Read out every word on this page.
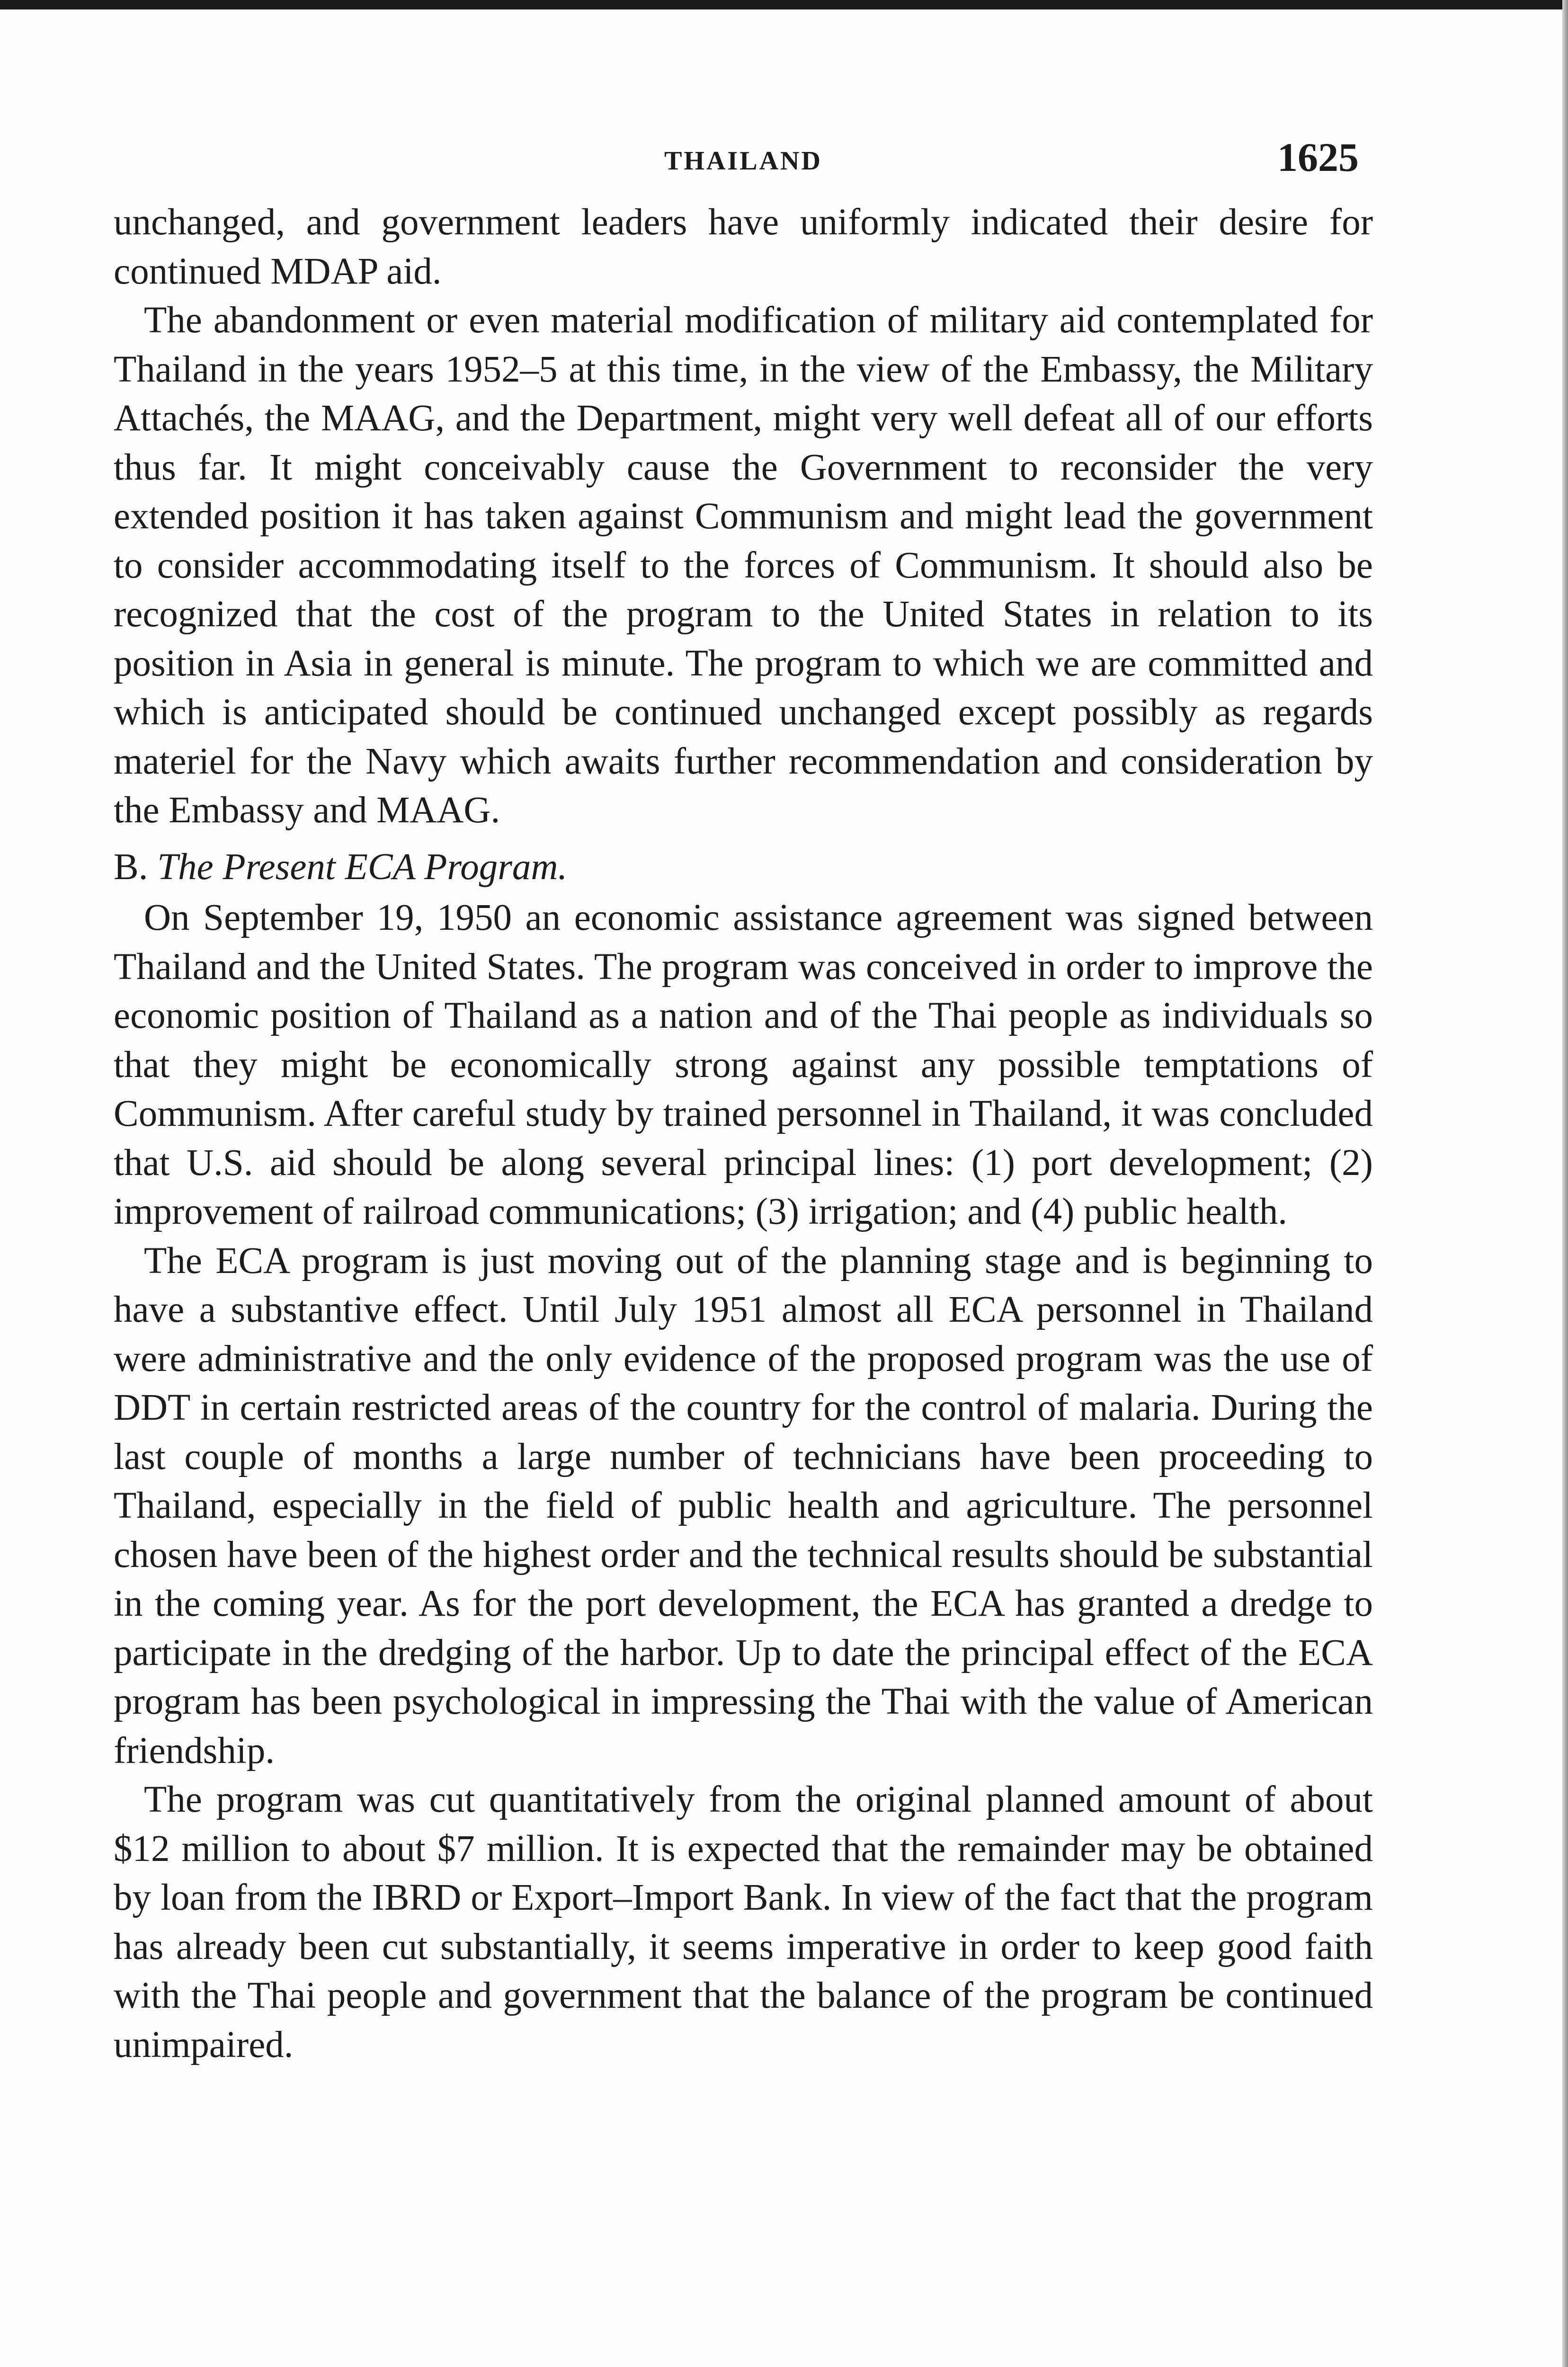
THAILAND	1625

unchanged, and government leaders have uniformly indicated their desire for continued MDAP aid.

The abandonment or even material modification of military aid contemplated for Thailand in the years 1952–5 at this time, in the view of the Embassy, the Military Attachés, the MAAG, and the Department, might very well defeat all of our efforts thus far. It might conceivably cause the Government to reconsider the very extended position it has taken against Communism and might lead the government to consider accommodating itself to the forces of Communism. It should also be recognized that the cost of the program to the United States in relation to its position in Asia in general is minute. The program to which we are committed and which is anticipated should be continued unchanged except possibly as regards materiel for the Navy which awaits further recommendation and consideration by the Embassy and MAAG.

B. The Present ECA Program.

On September 19, 1950 an economic assistance agreement was signed between Thailand and the United States. The program was conceived in order to improve the economic position of Thailand as a nation and of the Thai people as individuals so that they might be economically strong against any possible temptations of Communism. After careful study by trained personnel in Thailand, it was concluded that U.S. aid should be along several principal lines: (1) port development; (2) improvement of railroad communications; (3) irrigation; and (4) public health.

The ECA program is just moving out of the planning stage and is beginning to have a substantive effect. Until July 1951 almost all ECA personnel in Thailand were administrative and the only evidence of the proposed program was the use of DDT in certain restricted areas of the country for the control of malaria. During the last couple of months a large number of technicians have been proceeding to Thailand, especially in the field of public health and agriculture. The personnel chosen have been of the highest order and the technical results should be substantial in the coming year. As for the port development, the ECA has granted a dredge to participate in the dredging of the harbor. Up to date the principal effect of the ECA program has been psychological in impressing the Thai with the value of American friendship.

The program was cut quantitatively from the original planned amount of about $12 million to about $7 million. It is expected that the remainder may be obtained by loan from the IBRD or Export–Import Bank. In view of the fact that the program has already been cut substantially, it seems imperative in order to keep good faith with the Thai people and government that the balance of the program be continued unimpaired.
